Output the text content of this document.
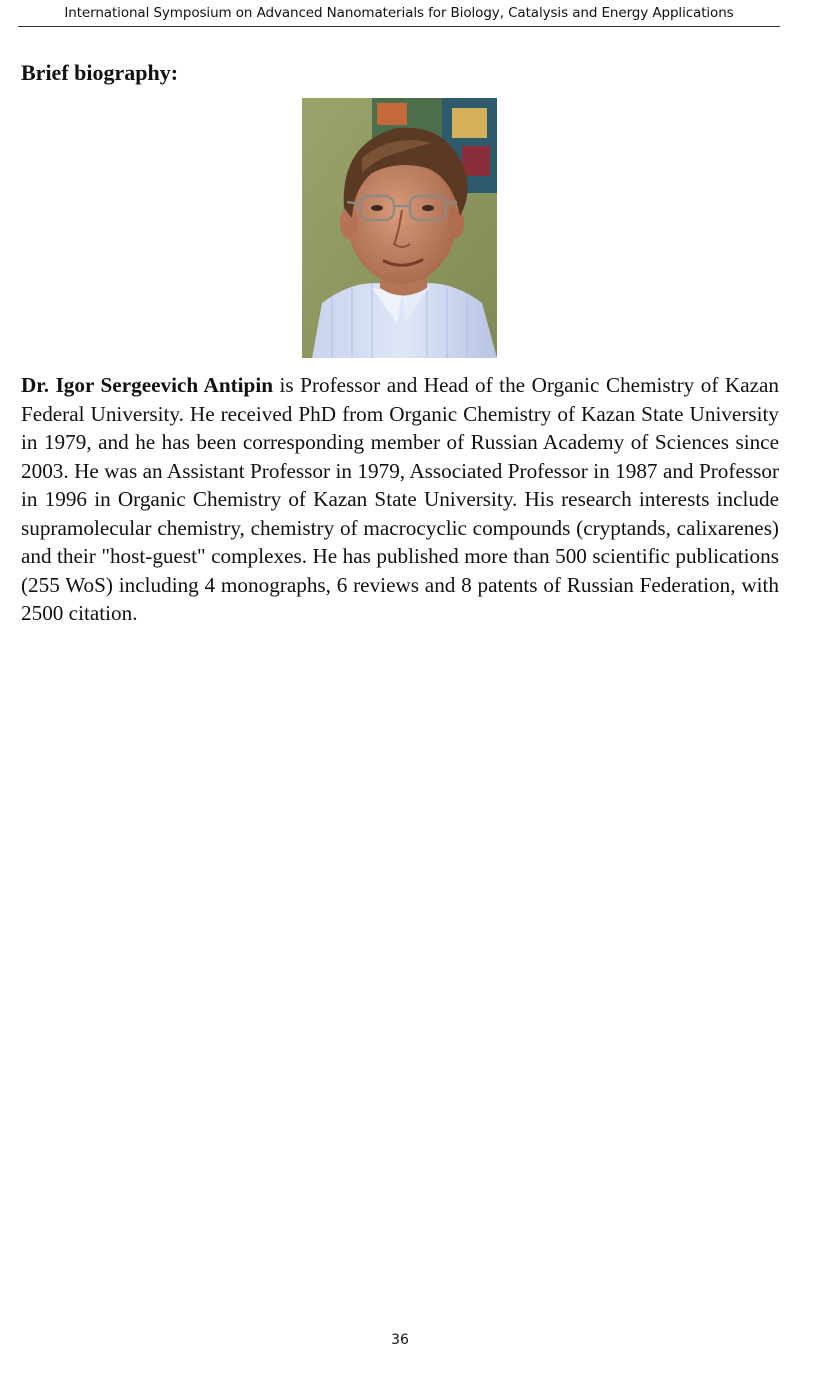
International Symposium on Advanced Nanomaterials for Biology, Catalysis and Energy Applications
Brief biography:

Dr. Igor Sergeevich Antipin is Professor and Head of the Organic Chemistry of Kazan Federal University. He received PhD from Organic Chemistry of Kazan State University in 1979, and he has been corresponding member of Russian Academy of Sciences since 2003. He was an Assistant Professor in 1979, Associated Professor in 1987 and Professor in 1996 in Organic Chemistry of Kazan State University. His research interests include supramolecular chemistry, chemistry of macrocyclic compounds (cryptands, calixarenes) and their "host-guest" complexes. He has published more than 500 scientific publications (255 WoS) including 4 monographs, 6 reviews and 8 patents of Russian Federation, with 2500 citation.

36
